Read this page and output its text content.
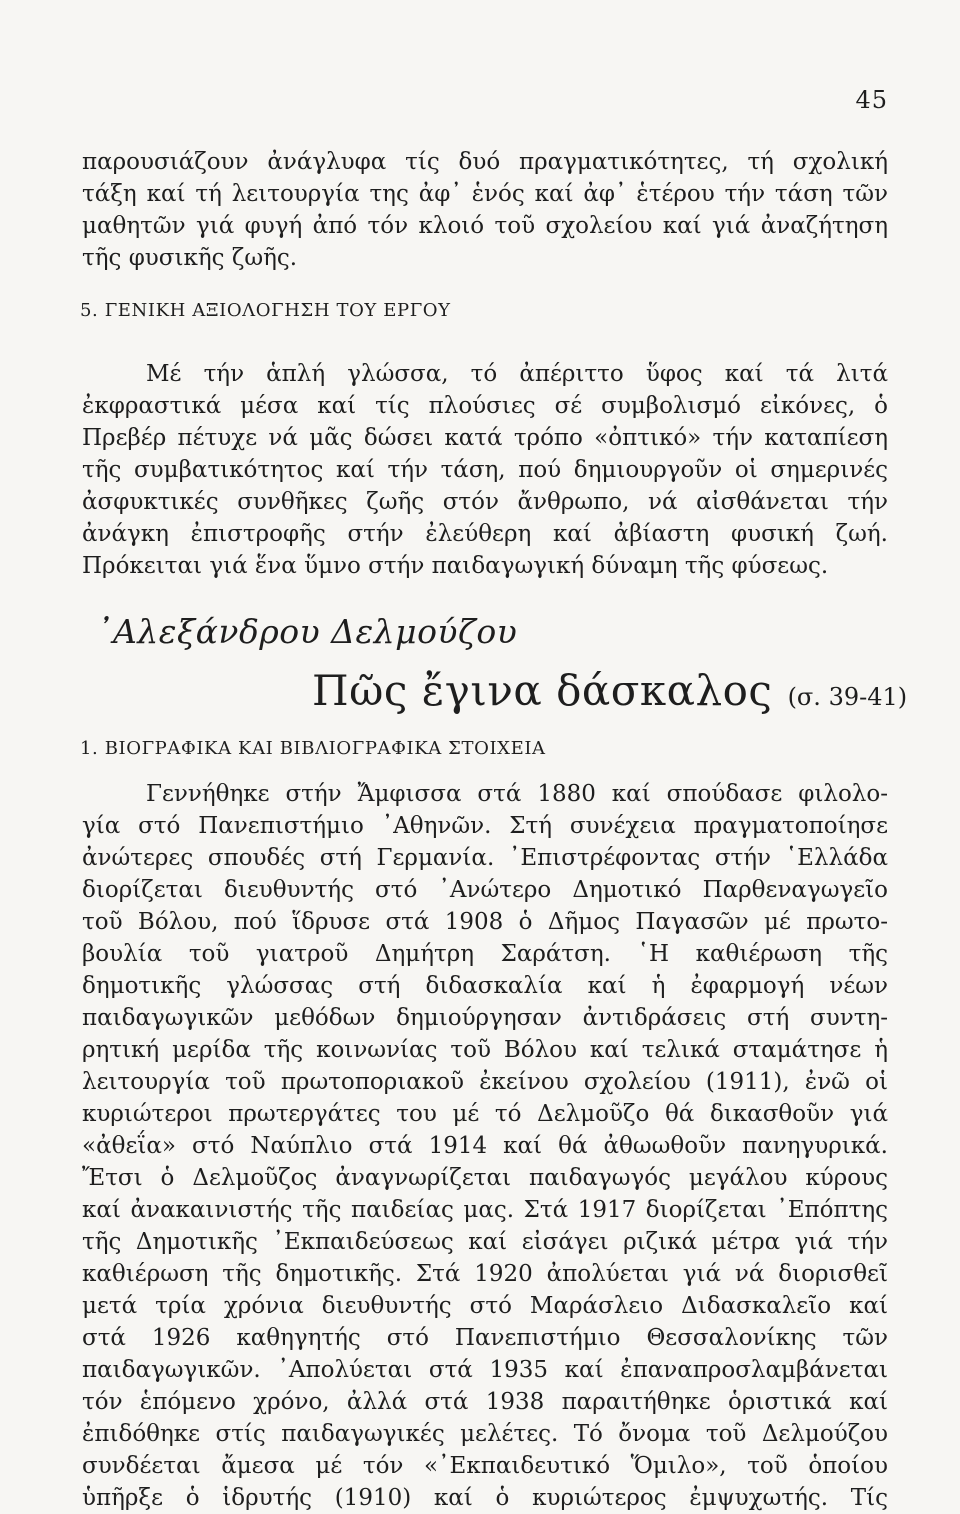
45
παρουσιάζουν ἀνάγλυφα τίς δυό πραγματικότητες, τή σχολική
τάξη καί τή λειτουργία της ἀφ᾽ ἑνός καί ἀφ᾽ ἑτέρου τήν τάση τῶν
μαθητῶν γιά φυγή ἀπό τόν κλοιό τοῦ σχολείου καί γιά ἀναζήτηση
τῆς φυσικῆς ζωῆς.
5. ΓΕΝΙΚΗ ΑΞΙΟΛΟΓΗΣΗ ΤΟΥ ΕΡΓΟΥ
Μέ τήν ἁπλή γλώσσα, τό ἀπέριττο ὕφος καί τά λιτά
ἐκφραστικά μέσα καί τίς πλούσιες σέ συμβολισμό εἰκόνες, ὁ
Πρεβέρ πέτυχε νά μᾶς δώσει κατά τρόπο «ὀπτικό» τήν καταπίεση
τῆς συμβατικότητος καί τήν τάση, πού δημιουργοῦν οἱ σημερινές
ἀσφυκτικές συνθῆκες ζωῆς στόν ἄνθρωπο, νά αἰσθάνεται τήν
ἀνάγκη ἐπιστροφῆς στήν ἐλεύθερη καί ἀβίαστη φυσική ζωή.
Πρόκειται γιά ἕνα ὕμνο στήν παιδαγωγική δύναμη τῆς φύσεως.
᾿Αλεξάνδρου Δελμούζου
Πῶς ἔγινα δάσκαλος (σ. 39-41)
1. ΒΙΟΓΡΑΦΙΚΑ ΚΑΙ ΒΙΒΛΙΟΓΡΑΦΙΚΑ ΣΤΟΙΧΕΙΑ
Γεννήθηκε στήν Ἄμφισσα στά 1880 καί σπούδασε φιλολο-
γία στό Πανεπιστήμιο ᾿Αθηνῶν. Στή συνέχεια πραγματοποίησε
ἀνώτερες σπουδές στή Γερμανία. ᾿Επιστρέφοντας στήν ῾Ελλάδα
διορίζεται διευθυντής στό ᾿Ανώτερο Δημοτικό Παρθεναγωγεῖο
τοῦ Βόλου, πού ἵδρυσε στά 1908 ὁ Δῆμος Παγασῶν μέ πρωτο-
βουλία τοῦ γιατροῦ Δημήτρη Σαράτση. ῾Η καθιέρωση τῆς
δημοτικῆς γλώσσας στή διδασκαλία καί ἡ ἐφαρμογή νέων
παιδαγωγικῶν μεθόδων δημιούργησαν ἀντιδράσεις στή συντη-
ρητική μερίδα τῆς κοινωνίας τοῦ Βόλου καί τελικά σταμάτησε ἡ
λειτουργία τοῦ πρωτοποριακοῦ ἐκείνου σχολείου (1911), ἐνῶ οἱ
κυριώτεροι πρωτεργάτες του μέ τό Δελμοῦζο θά δικασθοῦν γιά
«ἀθεΐα» στό Ναύπλιο στά 1914 καί θά ἀθωωθοῦν πανηγυρικά.
Ἔτσι ὁ Δελμοῦζος ἀναγνωρίζεται παιδαγωγός μεγάλου κύρους
καί ἀνακαινιστής τῆς παιδείας μας. Στά 1917 διορίζεται ᾿Επόπτης
τῆς Δημοτικῆς ᾿Εκπαιδεύσεως καί εἰσάγει ριζικά μέτρα γιά τήν
καθιέρωση τῆς δημοτικῆς. Στά 1920 ἀπολύεται γιά νά διορισθεῖ
μετά τρία χρόνια διευθυντής στό Μαράσλειο Διδασκαλεῖο καί
στά 1926 καθηγητής στό Πανεπιστήμιο Θεσσαλονίκης τῶν
παιδαγωγικῶν. ᾿Απολύεται στά 1935 καί ἐπαναπροσλαμβάνεται
τόν ἑπόμενο χρόνο, ἀλλά στά 1938 παραιτήθηκε ὁριστικά καί
ἐπιδόθηκε στίς παιδαγωγικές μελέτες. Τό ὄνομα τοῦ Δελμούζου
συνδέεται ἄμεσα μέ τόν «᾿Εκπαιδευτικό Ὅμιλο», τοῦ ὁποίου
ὑπῆρξε ὁ ἱδρυτής (1910) καί ὁ κυριώτερος ἐμψυχωτής. Τίς
